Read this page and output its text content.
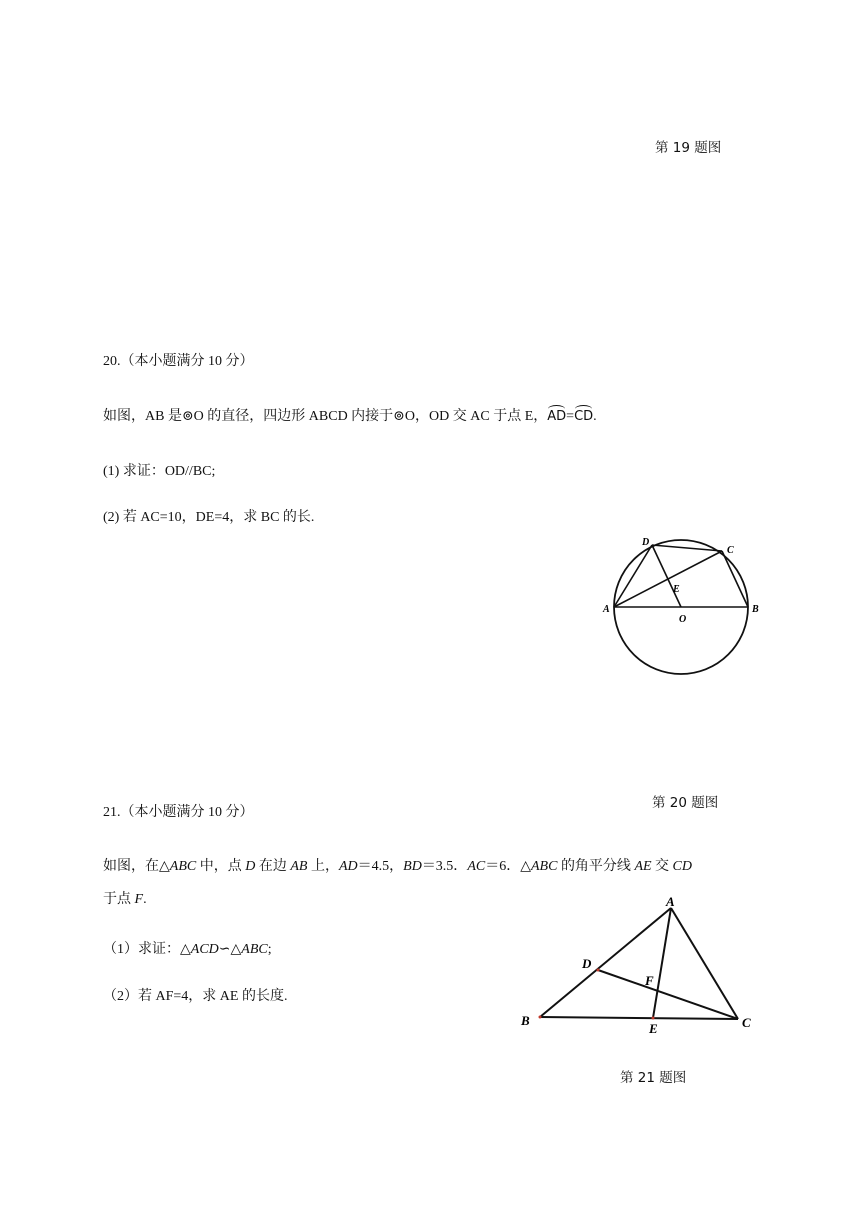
第 19 题图
20.（本小题满分 10 分）
如图，AB 是⊚O 的直径，四边形 ABCD 内接于⊚O，OD 交 AC 于点 E，AD=CD.
(1) 求证：OD//BC;
(2) 若 AC=10，DE=4，求 BC 的长.
D
C
E
A	B
O
第 20 题图
21.（本小题满分 10 分）
如图，在△ABC 中，点 D 在边 AB 上，AD＝4.5，BD＝3.5．AC＝6．△ABC 的角平分线 AE 交 CD
于点 F.
（1）求证：△ACD∽△ABC;
（2）若 AF=4，求 AE 的长度.
A
D
F
B
E	C
第 21 题图
